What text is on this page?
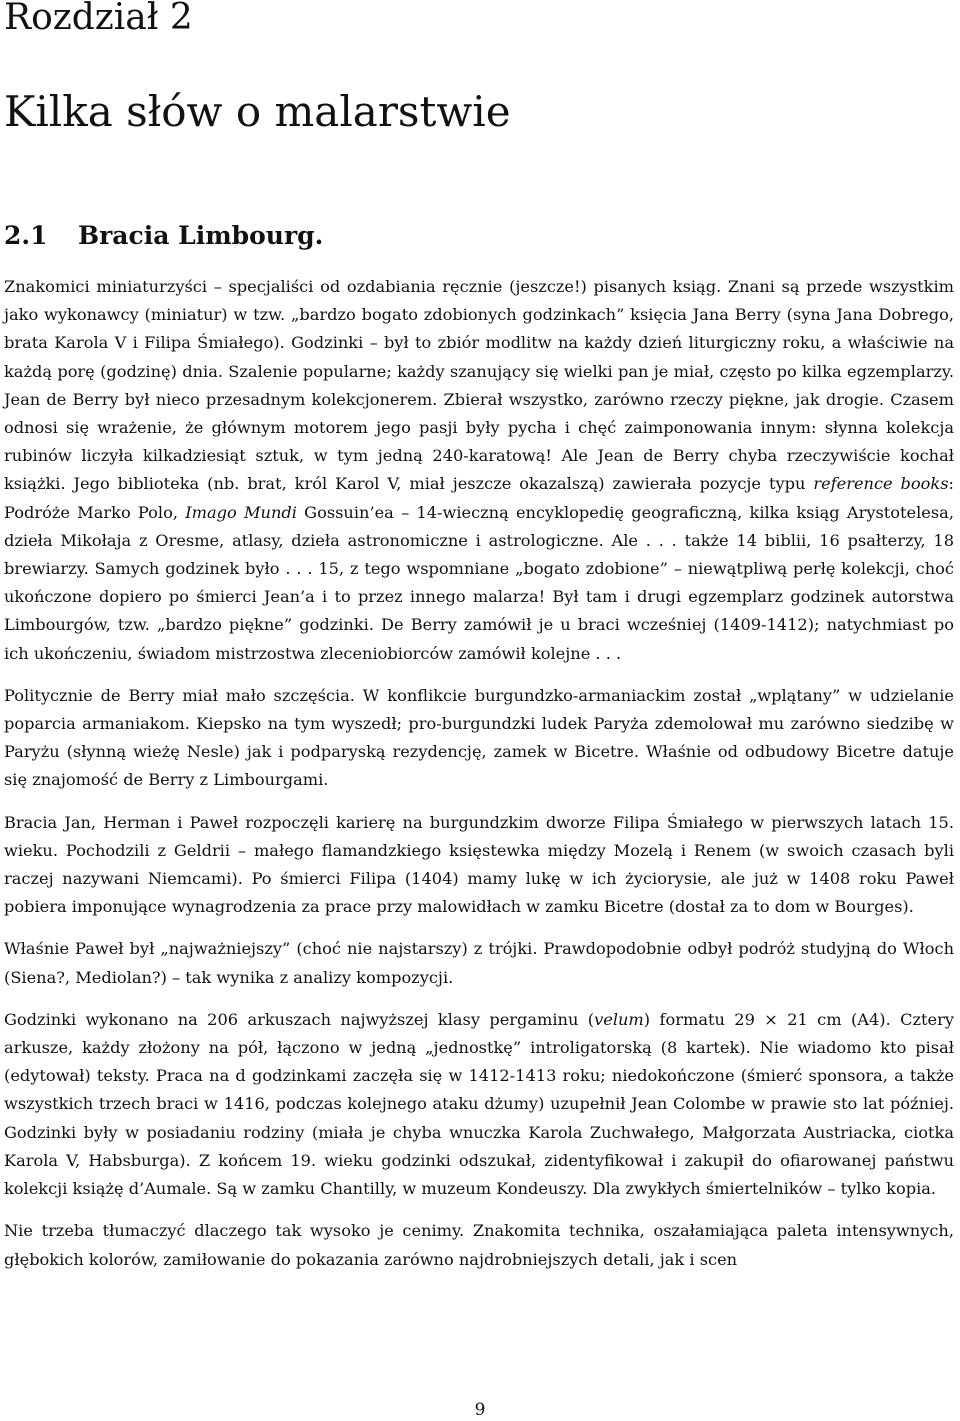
Rozdział 2
Kilka słów o malarstwie
2.1 Bracia Limbourg.

Znakomici miniaturzyści – specjaliści od ozdabiania ręcznie (jeszcze!) pisanych ksiąg. Znani są przede wszystkim jako wykonawcy (miniatur) w tzw. „bardzo bogato zdobionych godzinkach” księcia Jana Berry (syna Jana Dobrego, brata Karola V i Filipa Śmiałego). Godzinki – był to zbiór modlitw na każdy dzień liturgiczny roku, a właściwie na każdą porę (godzinę) dnia. Szalenie popularne; każdy szanujący się wielki pan je miał, często po kilka egzemplarzy. Jean de Berry był nieco przesadnym kolekcjonerem. Zbierał wszystko, zarówno rzeczy piękne, jak drogie. Czasem odnosi się wrażenie, że głównym motorem jego pasji były pycha i chęć zaimponowania innym: słynna kolekcja rubinów liczyła kilkadziesiąt sztuk, w tym jedną 240-karatową! Ale Jean de Berry chyba rzeczywiście kochał książki. Jego biblioteka (nb. brat, król Karol V, miał jeszcze okazalszą) zawierała pozycje typu reference books: Podróże Marko Polo, Imago Mundi Gossuin’ea – 14-wieczną encyklopedię geograficzną, kilka ksiąg Arystotelesa, dzieła Mikołaja z Oresme, atlasy, dzieła astronomiczne i astrologiczne. Ale . . . także 14 biblii, 16 psałterzy, 18 brewiarzy. Samych godzinek było . . . 15, z tego wspomniane „bogato zdobione” – niewątpliwą perłę kolekcji, choć ukończone dopiero po śmierci Jean’a i to przez innego malarza! Był tam i drugi egzemplarz godzinek autorstwa Limbourgów, tzw. „bardzo piękne” godzinki. De Berry zamówił je u braci wcześniej (1409-1412); natychmiast po ich ukończeniu, świadom mistrzostwa zleceniobiorców zamówił kolejne . . .

Politycznie de Berry miał mało szczęścia. W konflikcie burgundzko-armaniackim został „wplątany” w udzielanie poparcia armaniakom. Kiepsko na tym wyszedł; pro-burgundzki ludek Paryża zdemolował mu zarówno siedzibę w Paryżu (słynną wieżę Nesle) jak i podparyską rezydencję, zamek w Bicetre. Właśnie od odbudowy Bicetre datuje się znajomość de Berry z Limbourgami.

Bracia Jan, Herman i Paweł rozpoczęli karierę na burgundzkim dworze Filipa Śmiałego w pierwszych latach 15. wieku. Pochodzili z Geldrii – małego flamandzkiego księstewka między Mozelą i Renem (w swoich czasach byli raczej nazywani Niemcami). Po śmierci Filipa (1404) mamy lukę w ich życiorysie, ale już w 1408 roku Paweł pobiera imponujące wynagrodzenia za prace przy malowidłach w zamku Bicetre (dostał za to dom w Bourges).

Właśnie Paweł był „najważniejszy” (choć nie najstarszy) z trójki. Prawdopodobnie odbył podróż studyjną do Włoch (Siena?, Mediolan?) – tak wynika z analizy kompozycji.

Godzinki wykonano na 206 arkuszach najwyższej klasy pergaminu (velum) formatu 29 × 21 cm (A4). Cztery arkusze, każdy złożony na pół, łączono w jedną „jednostkę” introligatorską (8 kartek). Nie wiadomo kto pisał (edytował) teksty. Praca na d godzinkami zaczęła się w 1412-1413 roku; niedokończone (śmierć sponsora, a także wszystkich trzech braci w 1416, podczas kolejnego ataku dżumy) uzupełnił Jean Colombe w prawie sto lat później. Godzinki były w posiadaniu rodziny (miała je chyba wnuczka Karola Zuchwałego, Małgorzata Austriacka, ciotka Karola V, Habsburga). Z końcem 19. wieku godzinki odszukał, zidentyfikował i zakupił do ofiarowanej państwu kolekcji książę d’Aumale. Są w zamku Chantilly, w muzeum Kondeuszy. Dla zwykłych śmiertelników – tylko kopia.

Nie trzeba tłumaczyć dlaczego tak wysoko je cenimy. Znakomita technika, oszałamiająca paleta intensywnych, głębokich kolorów, zamiłowanie do pokazania zarówno najdrobniejszych detali, jak i scen

9
